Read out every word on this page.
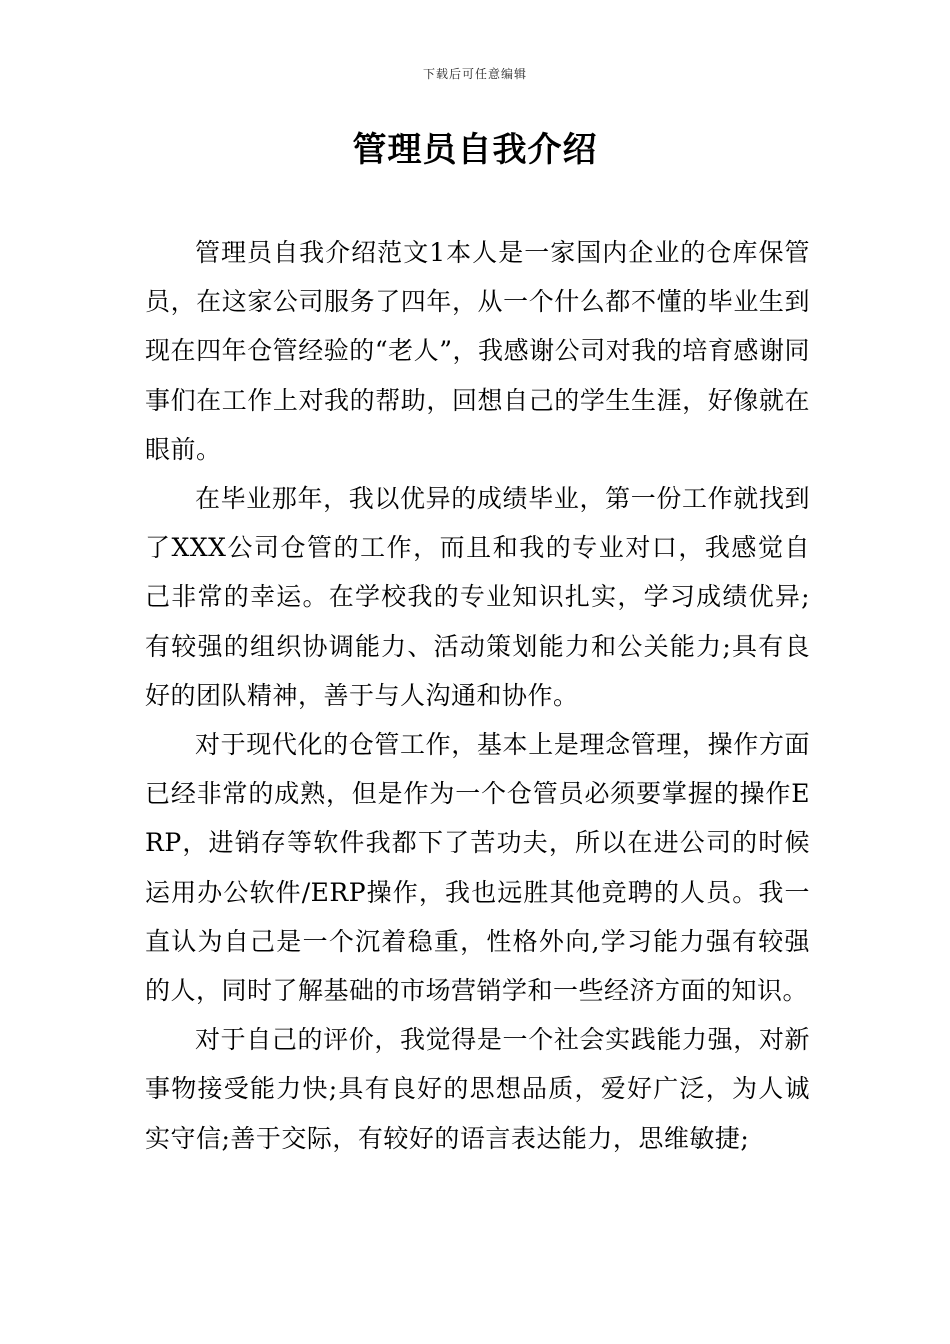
下载后可任意编辑
管理员自我介绍

管理员自我介绍范文1本人是一家国内企业的仓库保管员，在这家公司服务了四年，从一个什么都不懂的毕业生到现在四年仓管经验的“老人”，我感谢公司对我的培育感谢同事们在工作上对我的帮助，回想自己的学生生涯，好像就在眼前。

在毕业那年，我以优异的成绩毕业，第一份工作就找到了XXX公司仓管的工作，而且和我的专业对口，我感觉自己非常的幸运。在学校我的专业知识扎实，学习成绩优异;有较强的组织协调能力、活动策划能力和公关能力;具有良好的团队精神，善于与人沟通和协作。

对于现代化的仓管工作，基本上是理念管理，操作方面已经非常的成熟，但是作为一个仓管员必须要掌握的操作ERP，进销存等软件我都下了苦功夫，所以在进公司的时候运用办公软件/ERP操作，我也远胜其他竞聘的人员。我一直认为自己是一个沉着稳重，性格外向,学习能力强有较强的人，同时了解基础的市场营销学和一些经济方面的知识。

对于自己的评价，我觉得是一个社会实践能力强，对新事物接受能力快;具有良好的思想品质，爱好广泛，为人诚实守信;善于交际，有较好的语言表达能力，思维敏捷;
